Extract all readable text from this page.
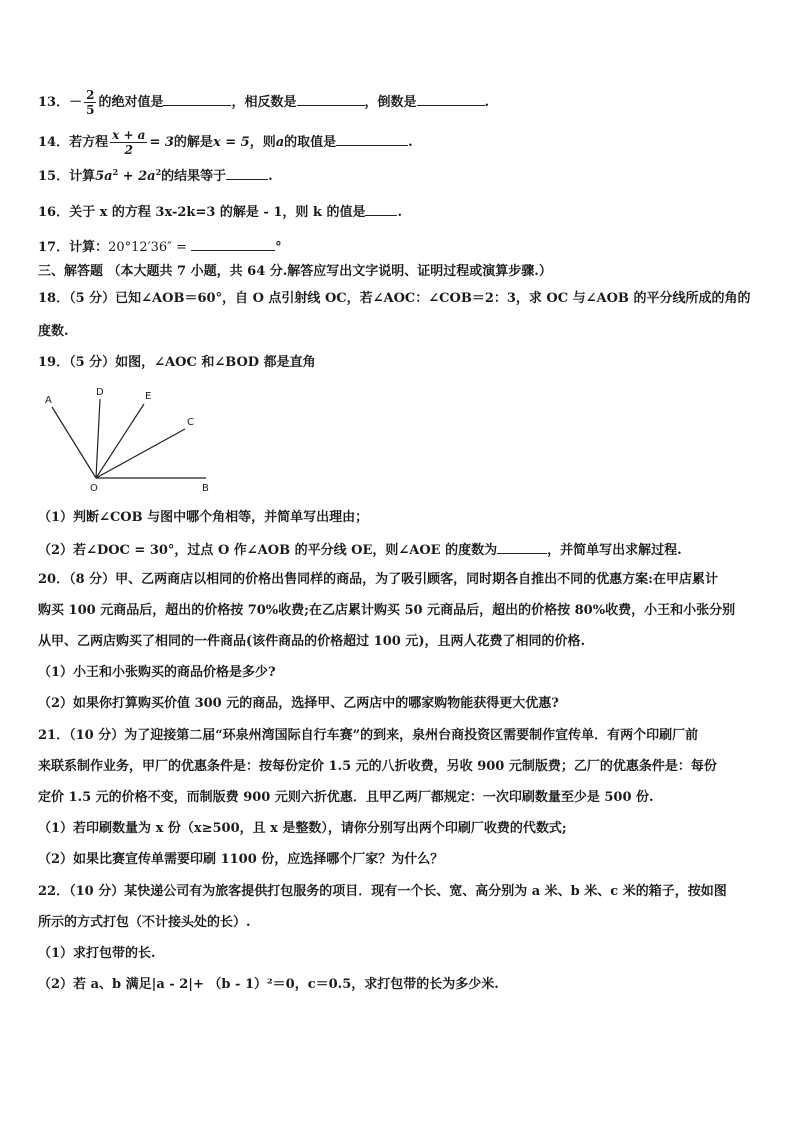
13．－ $\frac{2}{5}$ 的绝对值是	，相反数是	，倒数是	.
14．若方程 $\frac{x + a}{2} = 3$的解是x = 5，则a的取值是	.
15．计算$5a^2 + 2a^2$的结果等于	.
16．关于 x 的方程 3x-2k=3 的解是 - 1，则 k 的值是 .
17．计算：20°12′36″ =	°
三、解答题 （本大题共 7 小题，共 64 分.解答应写出文字说明、证明过程或演算步骤.）
18．（5 分）已知∠AOB＝60°，自 O 点引射线 OC，若∠AOC：∠COB＝2：3，求 OC 与∠AOB 的平分线所成的角的
度数.
19．（5 分）如图，∠AOC 和∠BOD 都是直角
A
D	E
C
O	B
（1）判断∠COB 与图中哪个角相等，并简单写出理由；
（2）若∠DOC = 30°，过点 O 作∠AOB 的平分线 OE，则∠AOE 的度数为	，并简单写出求解过程.
20．（8 分）甲、乙两商店以相同的价格出售同样的商品，为了吸引顾客，同时期各自推出不同的优惠方案:在甲店累计
购买 100 元商品后，超出的价格按 70%收费;在乙店累计购买 50 元商品后，超出的价格按 80%收费，小王和小张分别
从甲、乙两店购买了相同的一件商品(该件商品的价格超过 100 元)，且两人花费了相同的价格.
（1）小王和小张购买的商品价格是多少?
（2）如果你打算购买价值 300 元的商品，选择甲、乙两店中的哪家购物能获得更大优惠?
21．（10 分）为了迎接第二届“环泉州湾国际自行车赛”的到来，泉州台商投资区需要制作宣传单．有两个印刷厂前
来联系制作业务，甲厂的优惠条件是：按每份定价 1.5 元的八折收费，另收 900 元制版费；乙厂的优惠条件是：每份
定价 1.5 元的价格不变，而制版费 900 元则六折优惠．且甲乙两厂都规定：一次印刷数量至少是 500 份.
（1）若印刷数量为 x 份（x≥500，且 x 是整数），请你分别写出两个印刷厂收费的代数式;
（2）如果比赛宣传单需要印刷 1100 份，应选择哪个厂家？为什么？
22．（10 分）某快递公司有为旅客提供打包服务的项目．现有一个长、宽、高分别为 a 米、b 米、c 米的箱子，按如图
所示的方式打包（不计接头处的长）.
（1）求打包带的长.
（2）若 a、b 满足|a - 2|+ （b - 1）²＝0，c＝0.5，求打包带的长为多少米.
